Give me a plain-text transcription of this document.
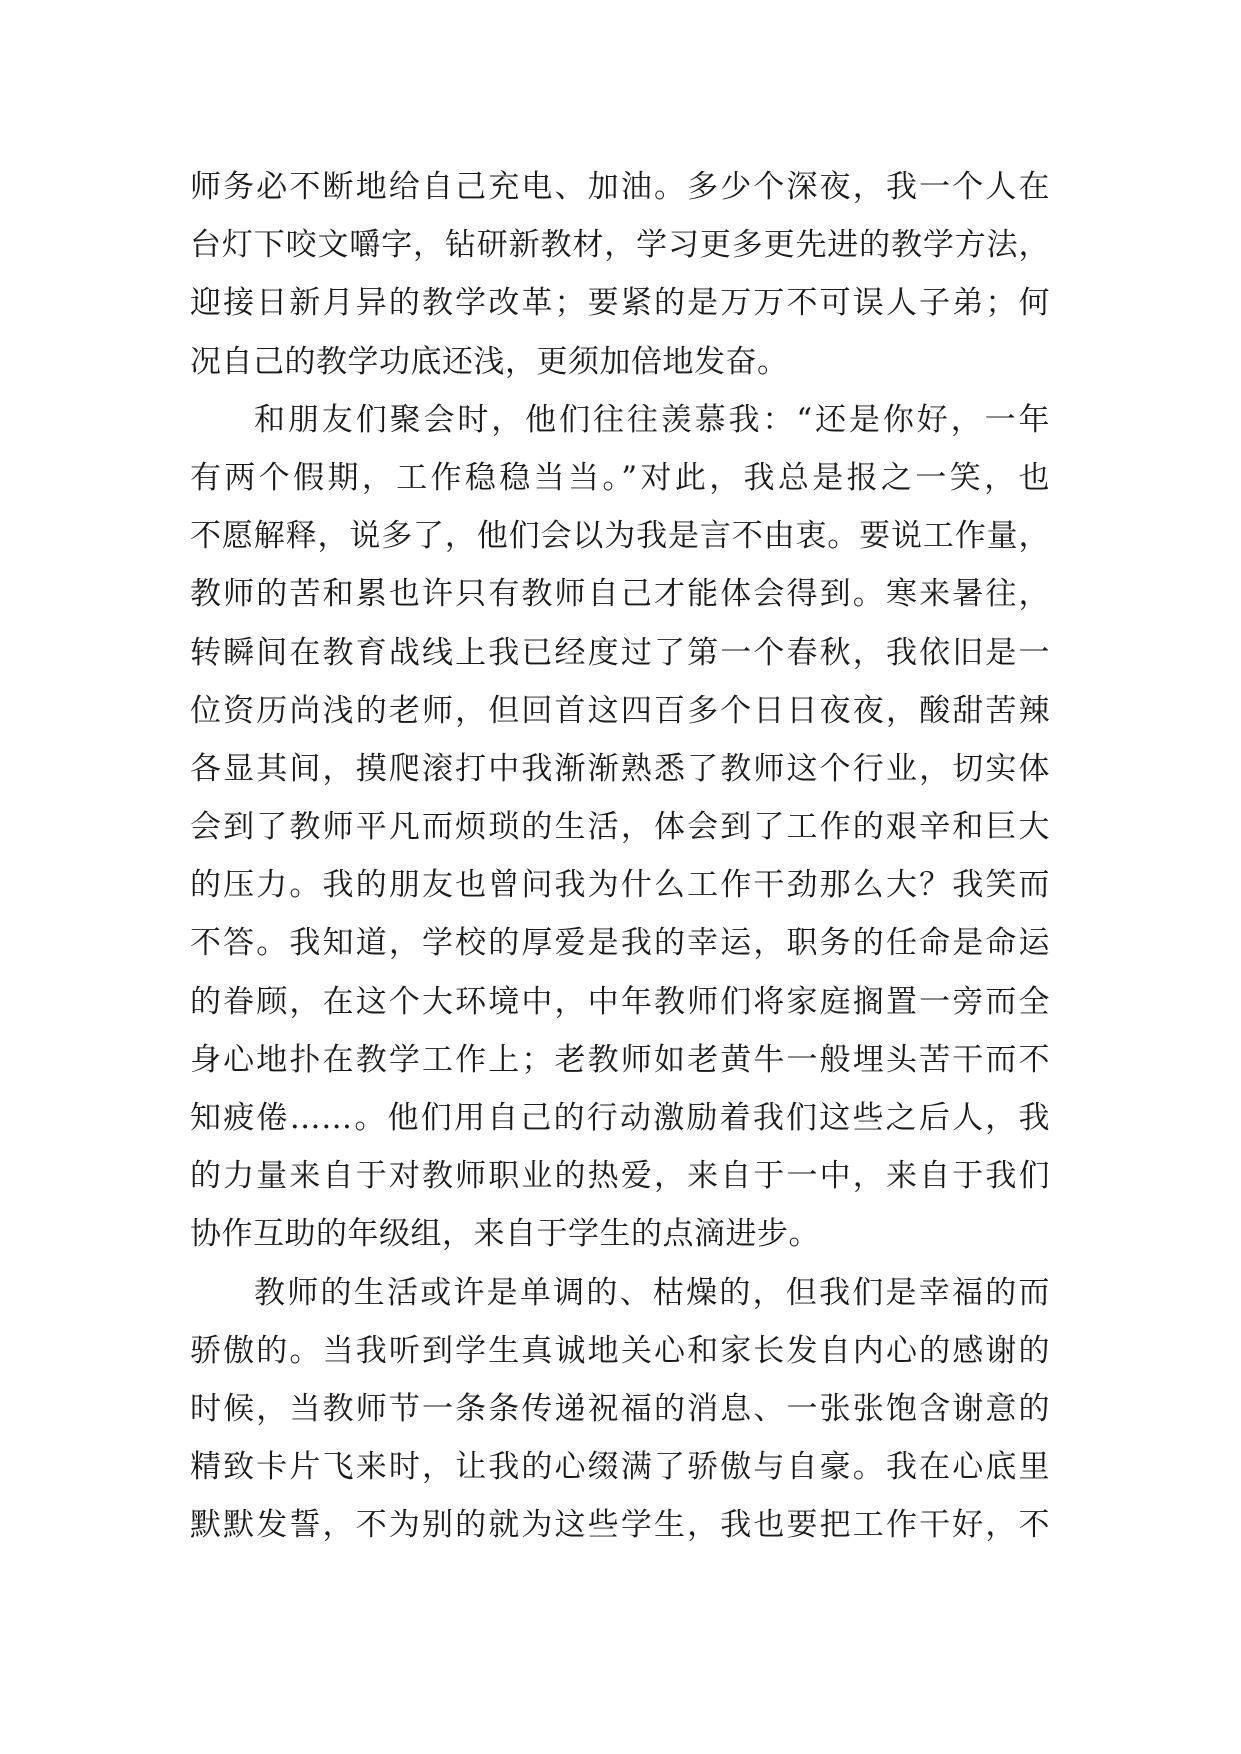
师务必不断地给自己充电、加油。多少个深夜，我一个人在
台灯下咬文嚼字，钻研新教材，学习更多更先进的教学方法，
迎接日新月异的教学改革；要紧的是万万不可误人子弟；何
况自己的教学功底还浅，更须加倍地发奋。
和朋友们聚会时，他们往往羡慕我：“还是你好，一年
有两个假期，工作稳稳当当。”对此，我总是报之一笑，也
不愿解释，说多了，他们会以为我是言不由衷。要说工作量，
教师的苦和累也许只有教师自己才能体会得到。寒来暑往，
转瞬间在教育战线上我已经度过了第一个春秋，我依旧是一
位资历尚浅的老师，但回首这四百多个日日夜夜，酸甜苦辣
各显其间，摸爬滚打中我渐渐熟悉了教师这个行业，切实体
会到了教师平凡而烦琐的生活，体会到了工作的艰辛和巨大
的压力。我的朋友也曾问我为什么工作干劲那么大？我笑而
不答。我知道，学校的厚爱是我的幸运，职务的任命是命运
的眷顾，在这个大环境中，中年教师们将家庭搁置一旁而全
身心地扑在教学工作上；老教师如老黄牛一般埋头苦干而不
知疲倦……。他们用自己的行动激励着我们这些之后人，我
的力量来自于对教师职业的热爱，来自于一中，来自于我们
协作互助的年级组，来自于学生的点滴进步。
教师的生活或许是单调的、枯燥的，但我们是幸福的而
骄傲的。当我听到学生真诚地关心和家长发自内心的感谢的
时候，当教师节一条条传递祝福的消息、一张张饱含谢意的
精致卡片飞来时，让我的心缀满了骄傲与自豪。我在心底里
默默发誓，不为别的就为这些学生，我也要把工作干好，不
